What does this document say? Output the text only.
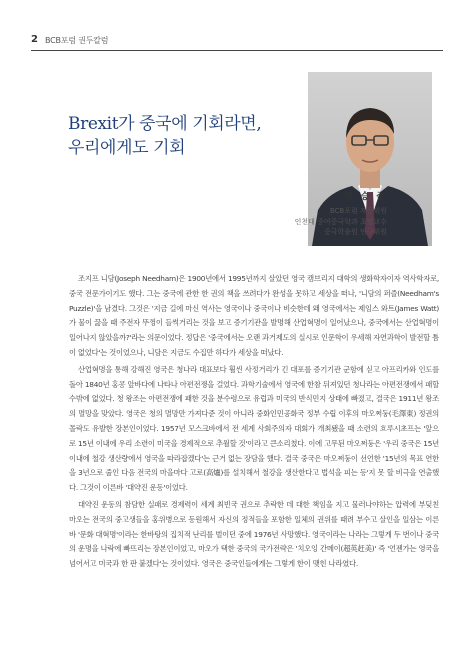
2 BCB포럼 권두칼럼
Brexit가 중국에 기회라면,
우리에게도 기회
박 승 준
BCB포럼 자문위원
인천대 중어중국학과 초빙교수
중국학술원 연구위원

조지프 니담(Joseph Needham)은 1900년에서 1995년까지 살았던 영국 캠브리지 대학의 생화학자이자 역사학자로, 중국 전문가이기도 했다. 그는 중국에 관한 한 권의 책을 쓰려다가 완성을 못하고 세상을 떠나, '니담의 퍼즐(Needham's Puzzle)'을 남겼다. 그것은 '지금 길에 마신 역사는 영국이나 중국이나 비슷한데 왜 영국에서는 제임스 와트(James Watt)가 물이 끓을 때 주전자 뚜껑이 들썩거리는 것을 보고 증기기관을 발명해 산업혁명이 일어났으나, 중국에서는 산업혁명이 일어나지 않았을까?'라는 의문이었다. 정답은 '중국에서는 오랜 과거제도의 실시로 인문학이 우세해 자연과학이 발전할 틈이 없었다'는 것이었으나, 니담은 지금도 수집만 하다가 세상을 떠났다.

산업혁명을 통해 강해진 영국은 청나라 대표보다 훨씬 사정거리가 긴 대포를 증기기관 군함에 싣고 아프리카와 인도를 돌아 1840년 홍콩 앞바다에 나타나 아편전쟁을 걸었다. 과학기술에서 영국에 한참 뒤져있던 청나라는 아편전쟁에서 패할 수밖에 없었다. 청 왕조는 아편전쟁에 패한 것을 분수령으로 유럽과 미국의 반식민지 상태에 빠졌고, 결국은 1911년 왕조의 멸망을 맞았다. 영국은 청의 멸망만 가져다준 것이 아니라 중화인민공화국 정부 수립 이후의 마오쩌둥(毛澤東) 정권의 몰락도 유발한 장본인이었다. 1957년 모스크바에서 전 세계 사회주의자 대회가 개최됐을 때 소련의 흐루시초프는 '앞으로 15년 이내에 우리 소련이 미국을 경제적으로 추월할 것'이라고 큰소리쳤다. 이에 고무된 마오쩌둥은 '우리 중국은 15년 이내에 철강 생산량에서 영국을 따라잡겠다'는 근거 없는 장담을 했다. 결국 중국은 마오쩌둥이 선언한 '15년의 목표 연한을 3년으로 줄인 다음 전국의 마을마다 고로(高爐)를 설치해서 철강을 생산한다고 법석을 피는 등'지 못 할 비극을 연출했다. 그것이 이른바 '대약진 운동'이었다.

대약진 운동의 참담한 실패로 경제력이 세계 최빈국 권으로 추락한 데 대한 책임을 지고 물러나야하는 압력에 부딪친 마오는 전국의 중고생들을 홍위병으로 동원해서 자신의 정적들을 포함한 일체의 권위를 때려 부수고 살인을 일삼는 이른바 '문화 대혁명'이라는 한바탕의 집치적 난리를 벌이던 중에 1976년 사망했다. 영국이라는 나라는 그렇게 두 번이나 중국의 운명을 나락에 빠뜨리는 장본인이었고, 마오가 택한 중국의 국가전략은 '치오잉 간메이(超英赶美)' 즉 '언젠가는 영국을 넘어서고 미국과 한 판 붙겠다'는 것이었다. 영국은 중국인들에게는 그렇게 한이 맺힌 나라였다.
